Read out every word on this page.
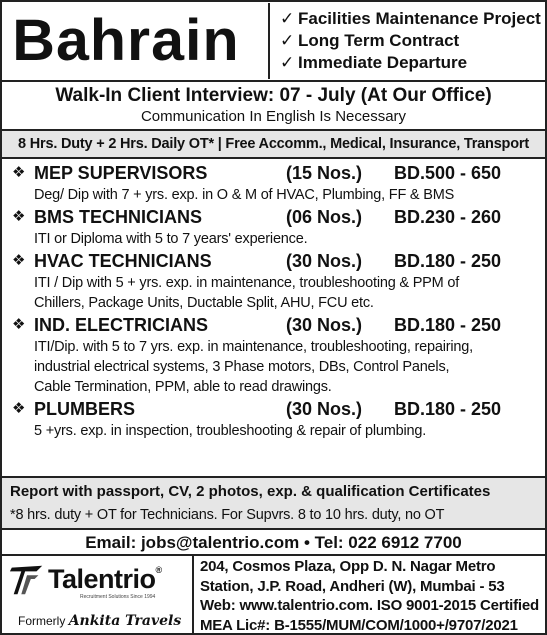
Bahrain	✓ Facilities Maintenance Project
✓ Long Term Contract
✓ Immediate Departure
Walk-In Client Interview: 07 - July (At Our Office)
Communication In English Is Necessary
8 Hrs. Duty + 2 Hrs. Daily OT* | Free Accomm., Medical, Insurance, Transport
❖ MEP SUPERVISORS	(15 Nos.)	BD.500 - 650
Deg/ Dip with 7 + yrs. exp. in O & M of HVAC, Plumbing, FF & BMS
❖ BMS TECHNICIANS	(06 Nos.)	BD.230 - 260
ITI or Diploma with 5 to 7 years' experience.
❖ HVAC TECHNICIANS	(30 Nos.)	BD.180 - 250
ITI / Dip with 5 + yrs. exp. in maintenance, troubleshooting & PPM of
Chillers, Package Units, Ductable Split, AHU, FCU etc.
❖ IND. ELECTRICIANS	(30 Nos.)	BD.180 - 250
ITI/Dip. with 5 to 7 yrs. exp. in maintenance, troubleshooting, repairing,
industrial electrical systems, 3 Phase motors, DBs, Control Panels,
Cable Termination, PPM, able to read drawings.
❖ PLUMBERS	(30 Nos.)	BD.180 - 250
5 +yrs. exp. in inspection, troubleshooting & repair of plumbing.
Report with passport, CV, 2 photos, exp. & qualification Certificates
*8 hrs. duty + OT for Technicians. For Supvrs. 8 to 10 hrs. duty, no OT
Email: jobs@talentrio.com • Tel: 022 6912 7700
Talentrio®
Recruitment Solutions Since 1994
Formerly Ankita Travels
204, Cosmos Plaza, Opp D. N. Nagar Metro
Station, J.P. Road, Andheri (W), Mumbai - 53
Web: www.talentrio.com. ISO 9001-2015 Certified
MEA Lic#: B-1555/MUM/COM/1000+/9707/2021
